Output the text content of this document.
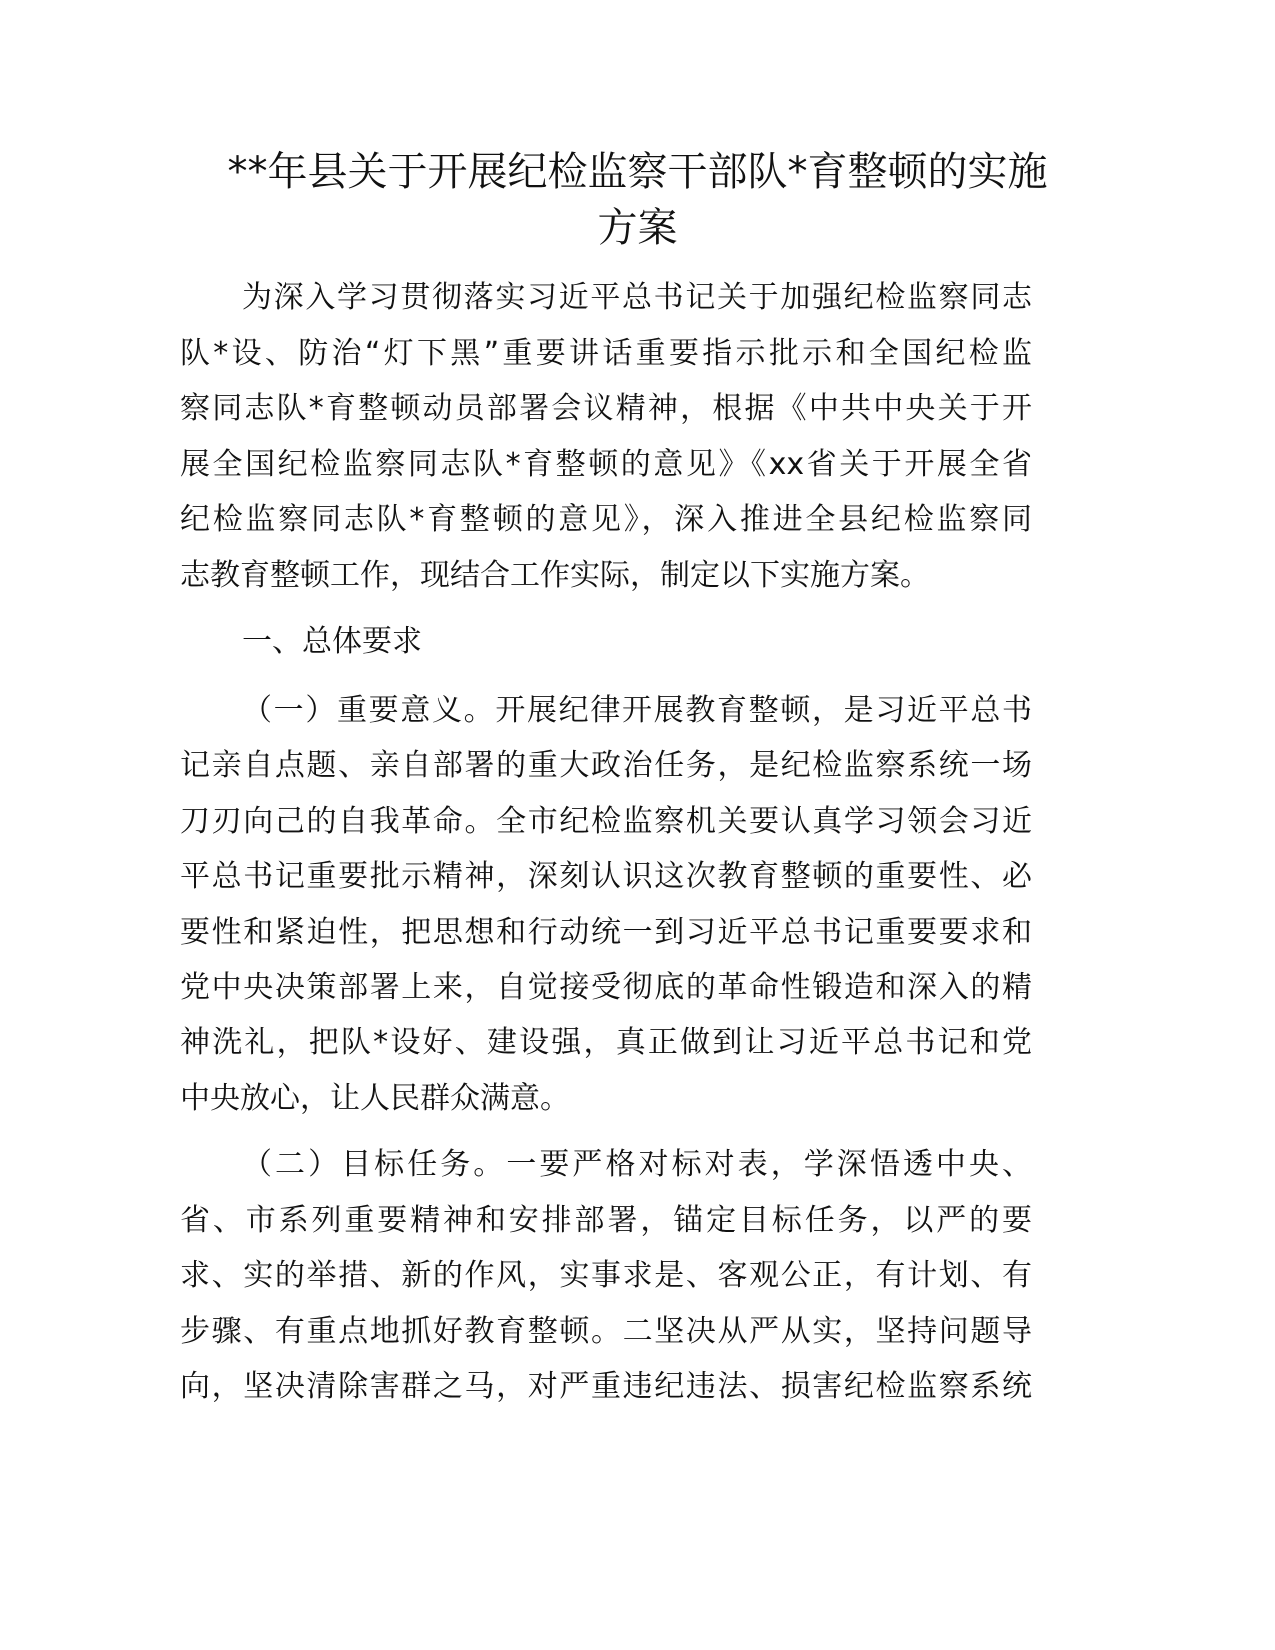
**年县关于开展纪检监察干部队*育整顿的实施
方案
为深入学习贯彻落实习近平总书记关于加强纪检监察同志
队*设、防治“灯下黑”重要讲话重要指示批示和全国纪检监
察同志队*育整顿动员部署会议精神，根据《中共中央关于开
展全国纪检监察同志队*育整顿的意见》《xx省关于开展全省
纪检监察同志队*育整顿的意见》，深入推进全县纪检监察同
志教育整顿工作，现结合工作实际，制定以下实施方案。
一、总体要求
（一）重要意义。开展纪律开展教育整顿，是习近平总书
记亲自点题、亲自部署的重大政治任务，是纪检监察系统一场
刀刃向己的自我革命。全市纪检监察机关要认真学习领会习近
平总书记重要批示精神，深刻认识这次教育整顿的重要性、必
要性和紧迫性，把思想和行动统一到习近平总书记重要要求和
党中央决策部署上来，自觉接受彻底的革命性锻造和深入的精
神洗礼，把队*设好、建设强，真正做到让习近平总书记和党
中央放心，让人民群众满意。
（二）目标任务。一要严格对标对表，学深悟透中央、
省、市系列重要精神和安排部署，锚定目标任务，以严的要
求、实的举措、新的作风，实事求是、客观公正，有计划、有
步骤、有重点地抓好教育整顿。二坚决从严从实，坚持问题导
向，坚决清除害群之马，对严重违纪违法、损害纪检监察系统
